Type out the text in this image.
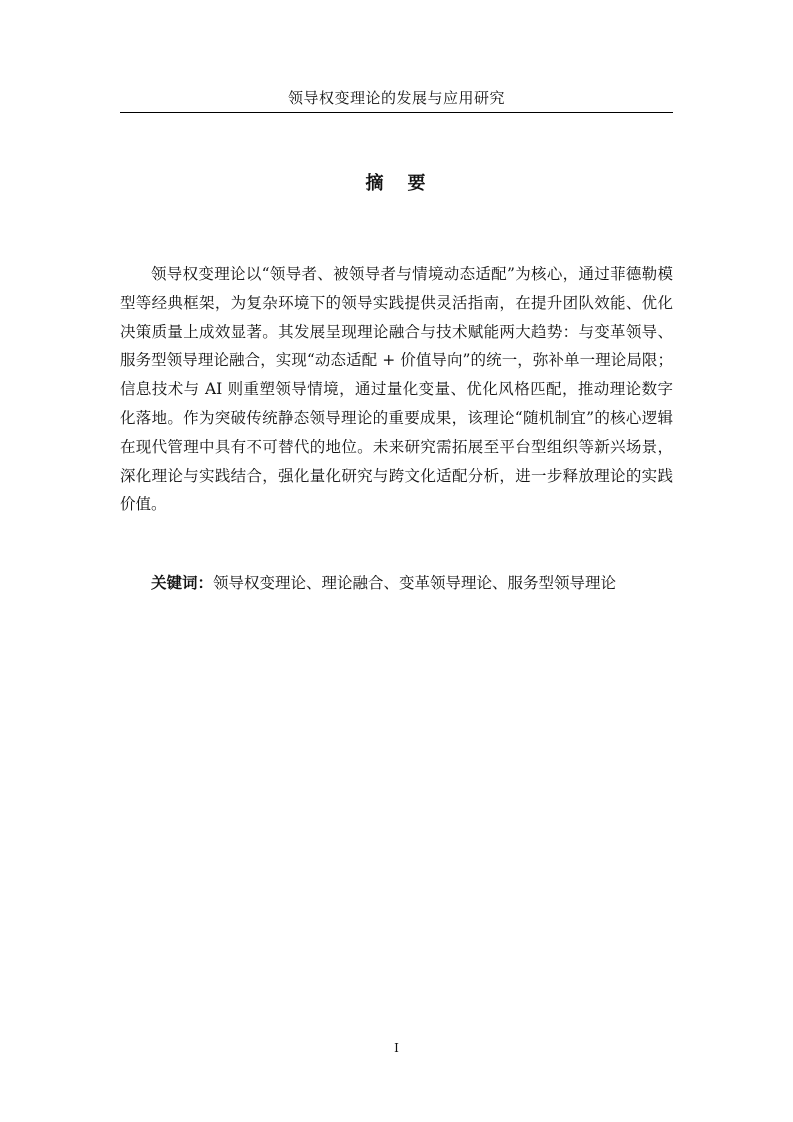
领导权变理论的发展与应用研究
摘 要

领导权变理论以“领导者、被领导者与情境动态适配”为核心，通过菲德勒模型等经典框架，为复杂环境下的领导实践提供灵活指南，在提升团队效能、优化决策质量上成效显著。其发展呈现理论融合与技术赋能两大趋势：与变革领导、服务型领导理论融合，实现“动态适配 + 价值导向”的统一，弥补单一理论局限；信息技术与 AI 则重塑领导情境，通过量化变量、优化风格匹配，推动理论数字化落地。作为突破传统静态领导理论的重要成果，该理论“随机制宜”的核心逻辑在现代管理中具有不可替代的地位。未来研究需拓展至平台型组织等新兴场景，深化理论与实践结合，强化量化研究与跨文化适配分析，进一步释放理论的实践价值。

关键词：领导权变理论、理论融合、变革领导理论、服务型领导理论

I
